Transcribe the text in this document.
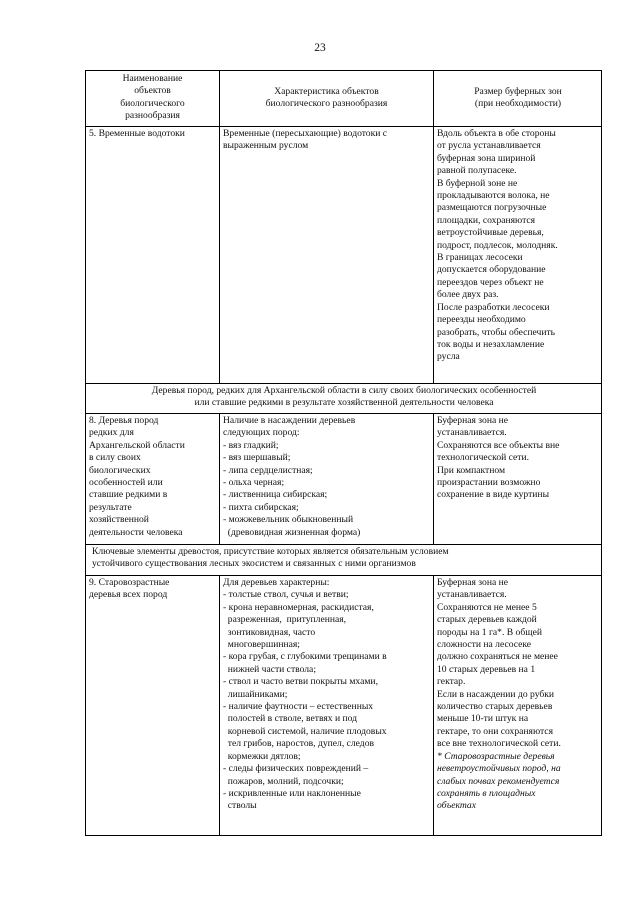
23
Наименование
объектов
биологического
разнообразия
Характеристика объектов
биологического разнообразия
Размер буферных зон
(при необходимости)
5. Временные водотоки	Временные (пересыхающие) водотоки с
выраженным руслом
Вдоль объекта в обе стороны
от русла устанавливается
буферная зона шириной
равной полупасеке.
В буферной зоне не
прокладываются волока, не
размещаются погрузочные
площадки, сохраняются
ветроустойчивые деревья,
подрост, подлесок, молодняк.
В границах лесосеки
допускается оборудование
переездов через объект не
более двух раз.
После разработки лесосеки
переезды необходимо
разобрать, чтобы обеспечить
ток воды и незахламление
русла
Деревья пород, редких для Архангельской области в силу своих биологических особенностей
или ставшие редкими в результате хозяйственной деятельности человека
8. Деревья пород
редких для
Архангельской области
в силу своих
биологических
особенностей или
ставшие редкими в
результате
хозяйственной
деятельности человека
Наличие в насаждении деревьев
следующих пород:
- вяз гладкий;
- вяз шершавый;
- липа сердцелистная;
- ольха черная;
- лиственница сибирская;
- пихта сибирская;
- можжевельник обыкновенный
(древовидная жизненная форма)
Буферная зона не
устанавливается.
Сохраняются все объекты вне
технологической сети.
При компактном
произрастании возможно
сохранение в виде куртины
Ключевые элементы древостоя, присутствие которых является обязательным условием
устойчивого существования лесных экосистем и связанных с ними организмов
9. Старовозрастные
деревья всех пород
Для деревьев характерны:
- толстые ствол, сучья и ветви;
- крона неравномерная, раскидистая,
разреженная,  притупленная,
зонтиковидная, часто
многовершинная;
- кора грубая, с глубокими трещинами в
нижней части ствола;
- ствол и часто ветви покрыты мхами,
лишайниками;
- наличие фаутности – естественных
полостей в стволе, ветвях и под
корневой системой, наличие плодовых
тел грибов, наростов, дупел, следов
кормежки дятлов;
- следы физических повреждений –
пожаров, молний, подсочки;
- искривленные или наклоненные
стволы
Буферная зона не
устанавливается.
Сохраняются не менее 5
старых деревьев каждой
породы на 1 га*. В общей
сложности на лесосеке
должно сохраняться не менее
10 старых деревьев на 1
гектар.
Если в насаждении до рубки
количество старых деревьев
меньше 10-ти штук на
гектаре, то они сохраняются
все вне технологической сети.
* Старовозрастные деревья
неветроустойчивых пород, на
слабых почвах рекомендуется
сохранять в площадных
объектах
